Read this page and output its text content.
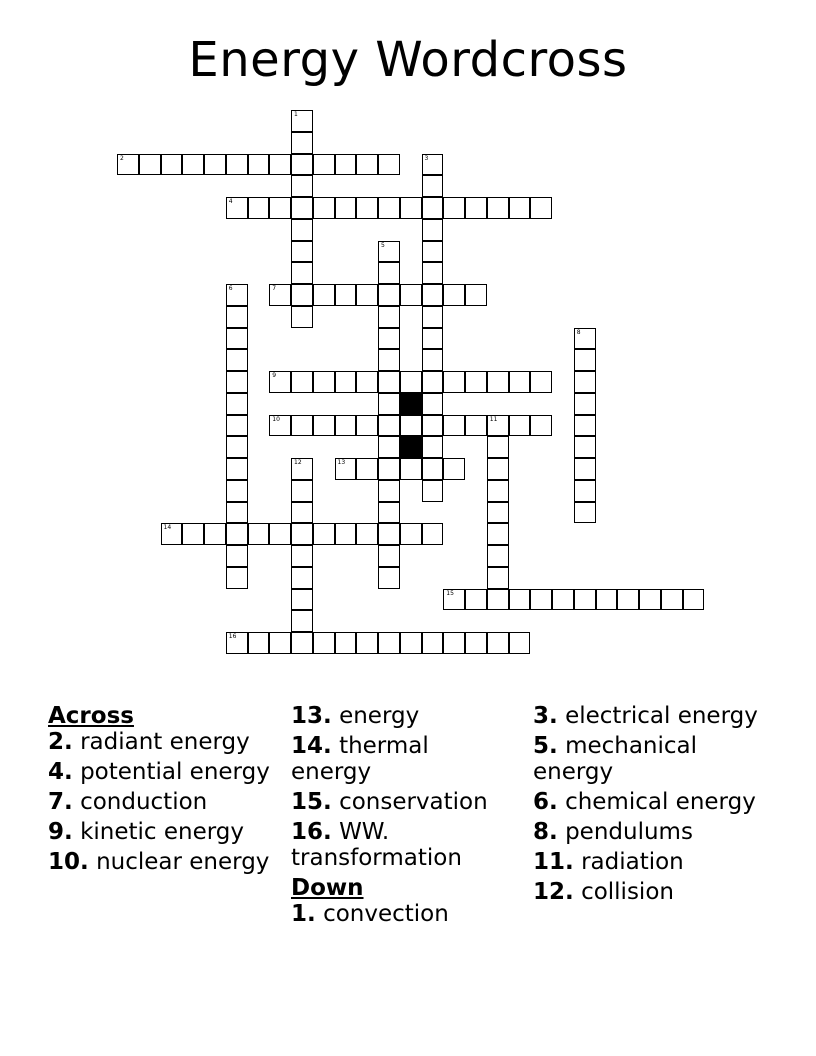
Energy Wordcross
1
2	3
4
5
6	7
8
9
10	11
12	13
14
15
16

Across

2. radiant energy

4. potential energy

7. conduction

9. kinetic energy

10. nuclear energy

13. energy

14. thermal energy

15. conservation

16. WW. transformation

Down

1. convection

3. electrical energy

5. mechanical energy

6. chemical energy

8. pendulums

11. radiation

12. collision
